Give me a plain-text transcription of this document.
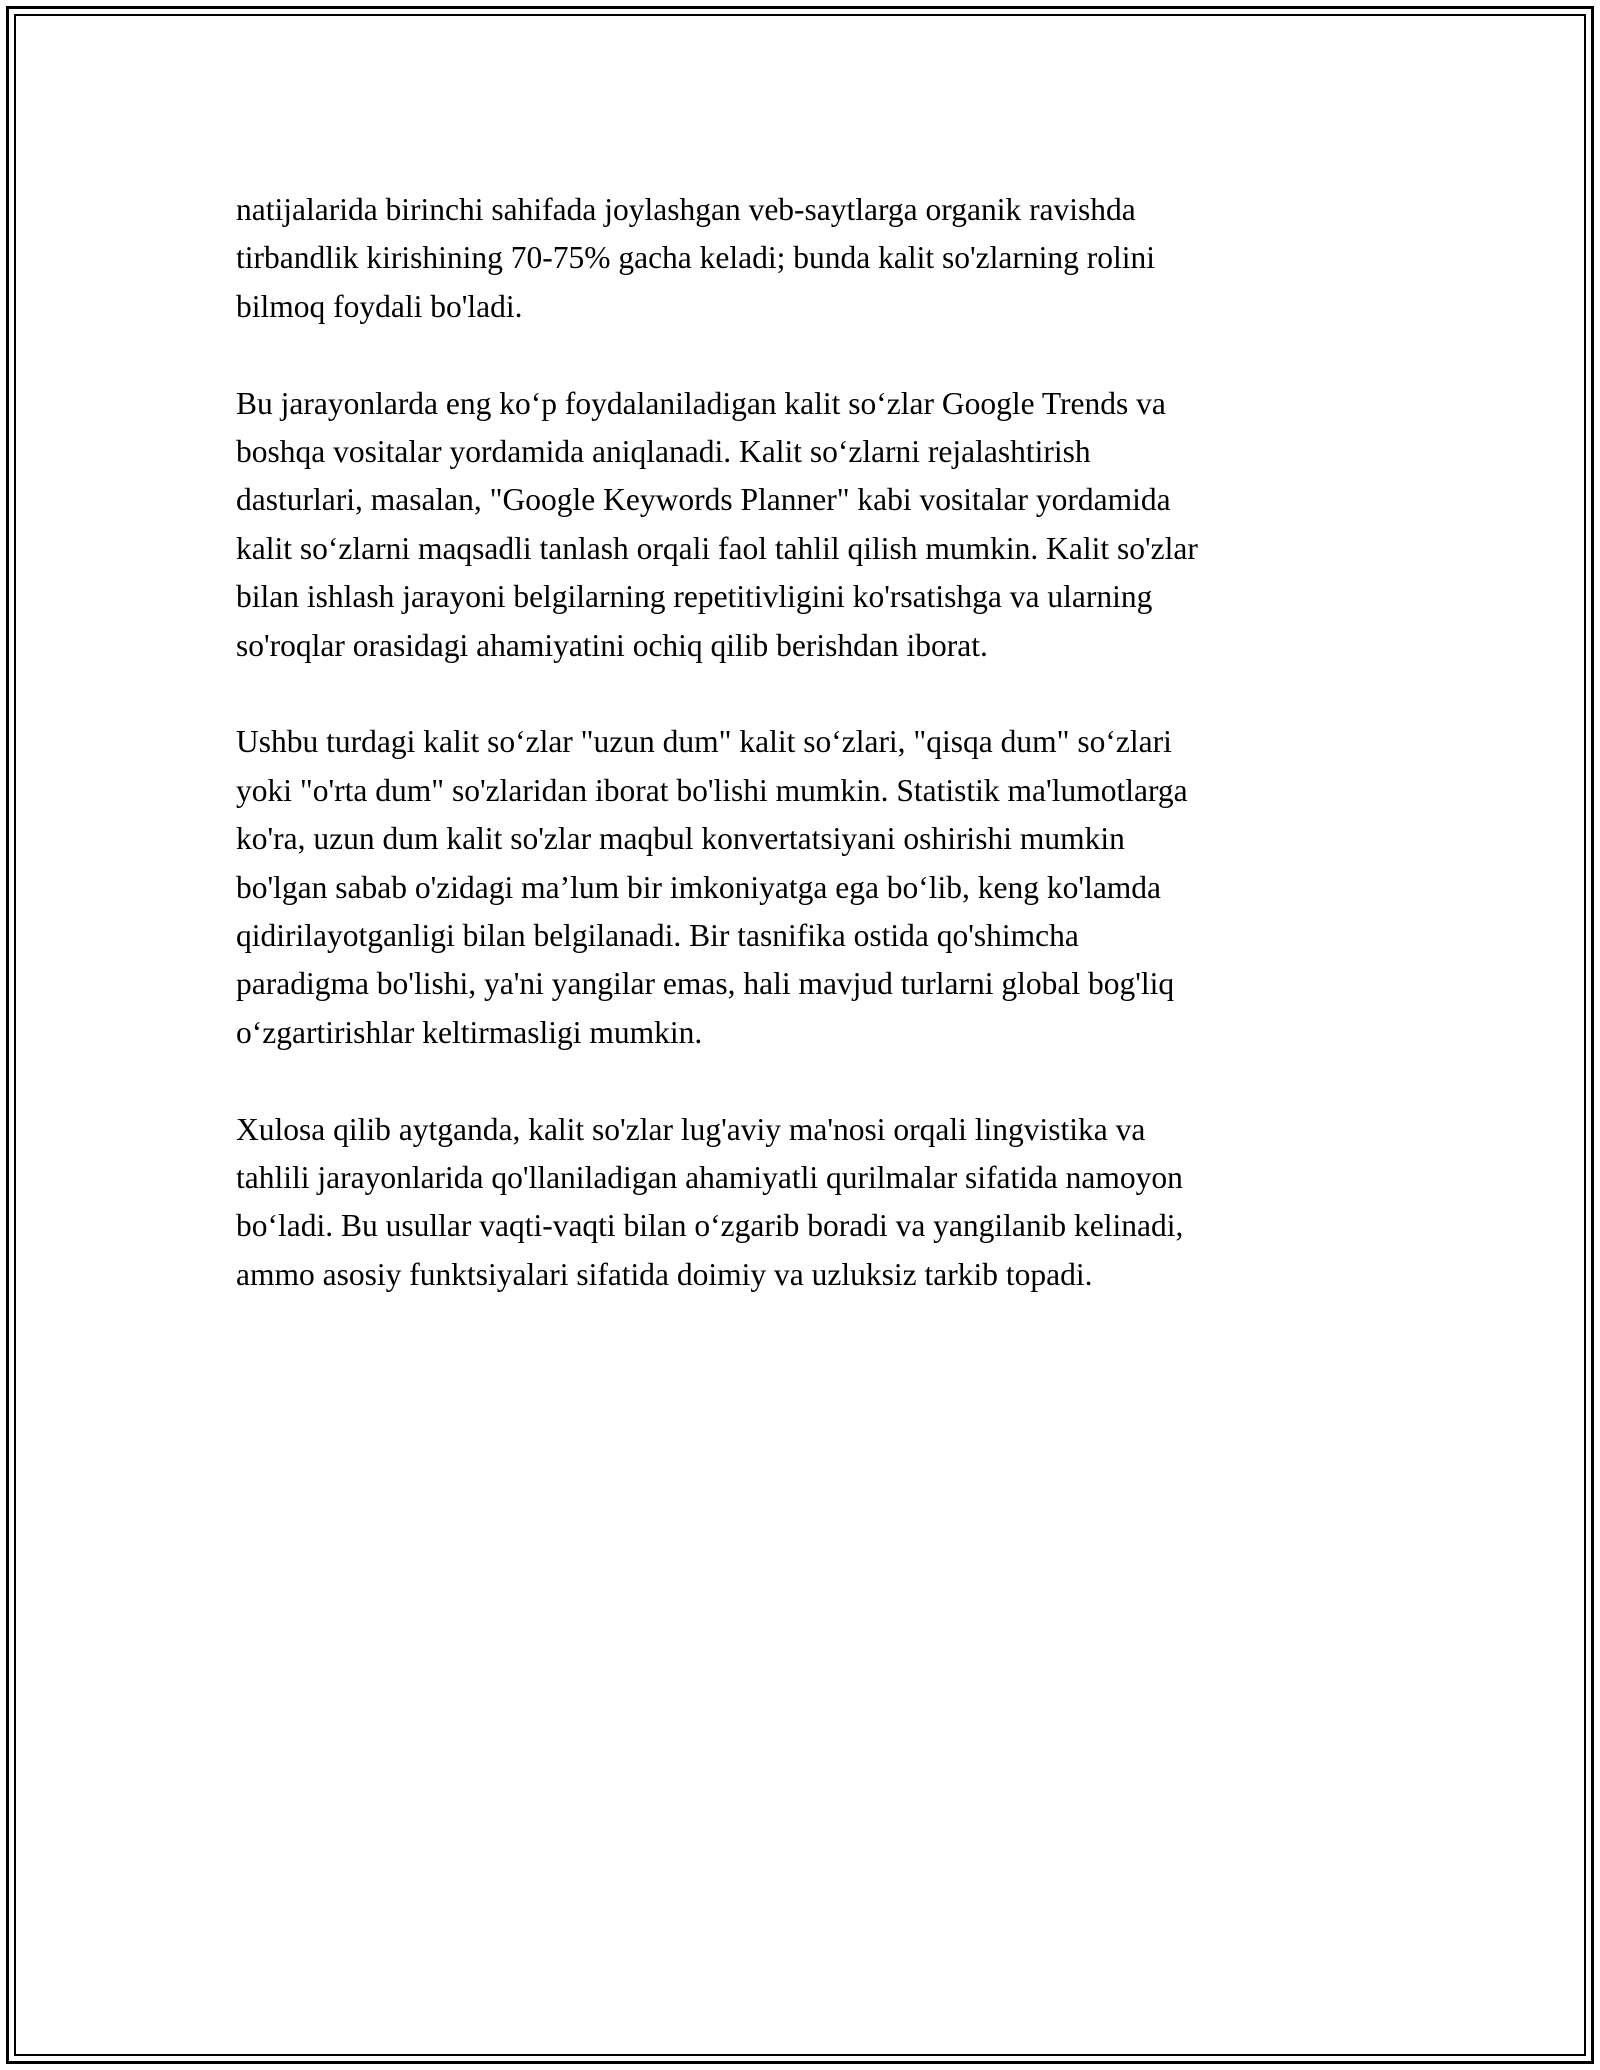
natijalarida birinchi sahifada joylashgan veb-saytlarga organik ravishda
tirbandlik kirishining 70-75% gacha keladi; bunda kalit so'zlarning rolini
bilmoq foydali bo'ladi.

Bu jarayonlarda eng ko‘p foydalaniladigan kalit so‘zlar Google Trends va
boshqa vositalar yordamida aniqlanadi. Kalit so‘zlarni rejalashtirish
dasturlari, masalan, "Google Keywords Planner" kabi vositalar yordamida
kalit so‘zlarni maqsadli tanlash orqali faol tahlil qilish mumkin. Kalit so'zlar
bilan ishlash jarayoni belgilarning repetitivligini ko'rsatishga va ularning
so'roqlar orasidagi ahamiyatini ochiq qilib berishdan iborat.

Ushbu turdagi kalit so‘zlar "uzun dum" kalit so‘zlari, "qisqa dum" so‘zlari
yoki "o'rta dum" so'zlaridan iborat bo'lishi mumkin. Statistik ma'lumotlarga
ko'ra, uzun dum kalit so'zlar maqbul konvertatsiyani oshirishi mumkin
bo'lgan sabab o'zidagi ma’lum bir imkoniyatga ega bo‘lib, keng ko'lamda
qidirilayotganligi bilan belgilanadi. Bir tasnifika ostida qo'shimcha
paradigma bo'lishi, ya'ni yangilar emas, hali mavjud turlarni global bog'liq
o‘zgartirishlar keltirmasligi mumkin.

Xulosa qilib aytganda, kalit so'zlar lug'aviy ma'nosi orqali lingvistika va
tahlili jarayonlarida qo'llaniladigan ahamiyatli qurilmalar sifatida namoyon
bo‘ladi. Bu usullar vaqti-vaqti bilan o‘zgarib boradi va yangilanib kelinadi,
ammo asosiy funktsiyalari sifatida doimiy va uzluksiz tarkib topadi.
